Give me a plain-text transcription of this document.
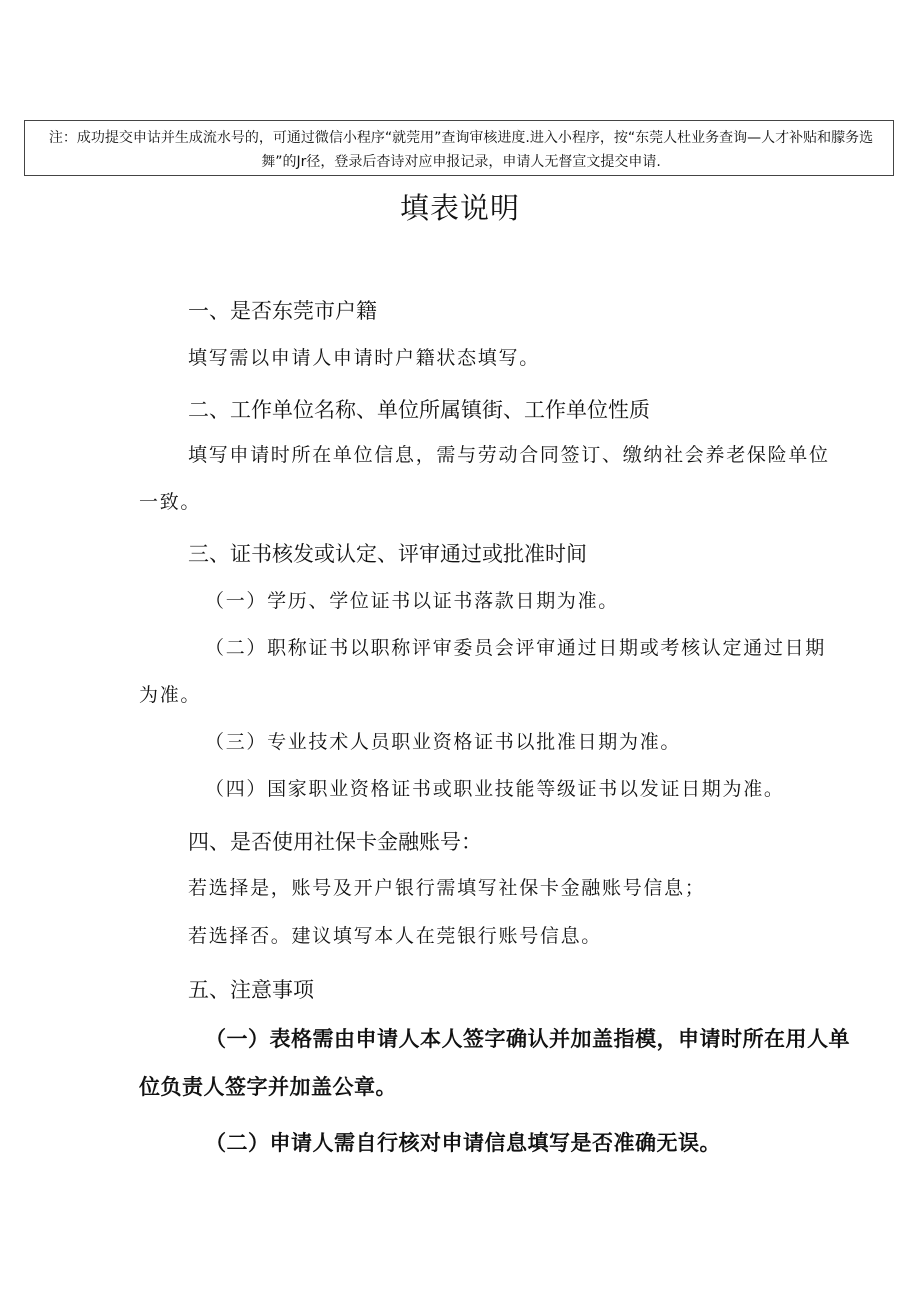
注：成功提交申诂并生成流水号的，可通过微信小程序“就莞用”查询审核进度.进入小程序，按“东莞人杜业务查询—人才补贴和朦务选舞”的Jr径，登录后杳诗对应申报记录，申请人无督宣文提交申请.
填表说明

一、是否东莞市户籍

填写需以申请人申请时户籍状态填写。

二、工作单位名称、单位所属镇街、工作单位性质

填写申请时所在单位信息，需与劳动合同签订、缴纳社会养老保险单位

一致。

三、证书核发或认定、评审通过或批准时间

（一）学历、学位证书以证书落款日期为准。

（二）职称证书以职称评审委员会评审通过日期或考核认定通过日期

为准。

（三）专业技术人员职业资格证书以批准日期为准。

（四）国家职业资格证书或职业技能等级证书以发证日期为准。

四、是否使用社保卡金融账号：

若选择是，账号及开户银行需填写社保卡金融账号信息；

若选择否。建议填写本人在莞银行账号信息。

五、注意事项

（一）表格需由申请人本人签字确认并加盖指模，申请时所在用人单

位负责人签字并加盖公章。

（二）申请人需自行核对申请信息填写是否准确无误。
